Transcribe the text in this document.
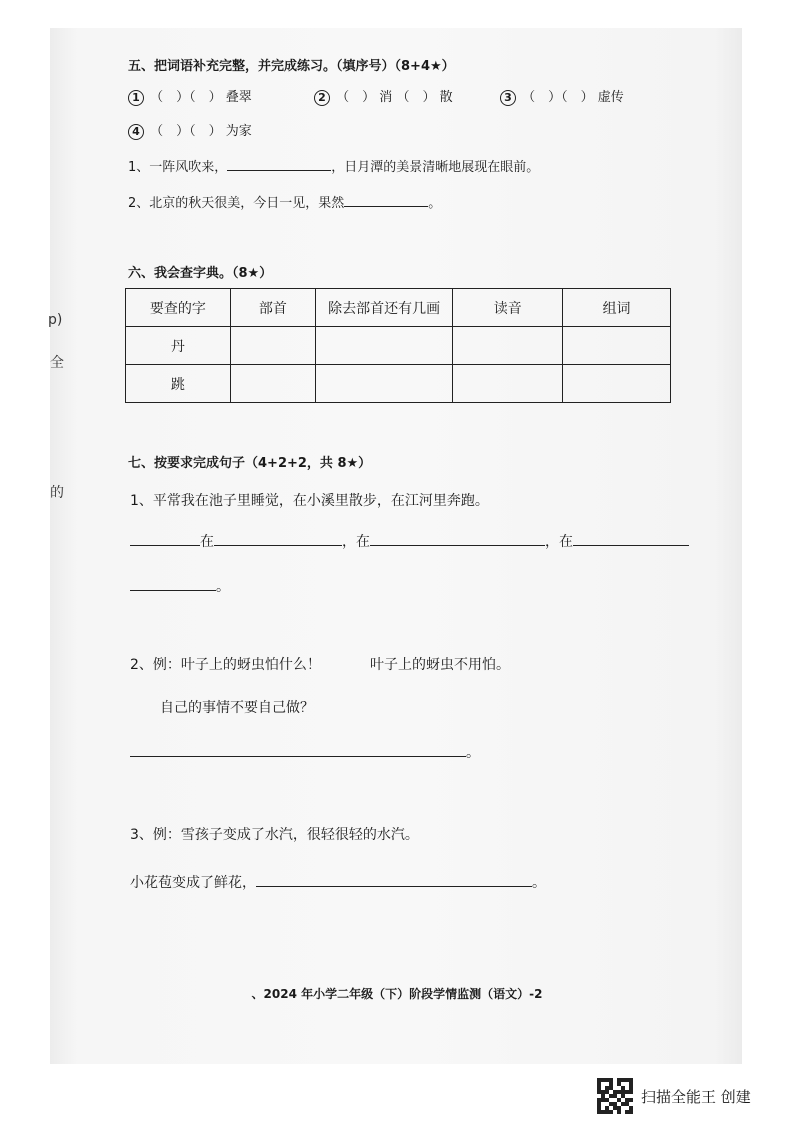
p)
全
的
五、把词语补充完整，并完成练习。（填序号）（8+4★）
1 （　）（　） 叠翠	2 （　） 消 （　） 散	3 （　）（　） 虚传
4 （　）（　） 为家
1、一阵风吹来，	，日月潭的美景清晰地展现在眼前。
2、北京的秋天很美，今日一见，果然	。
六、我会查字典。（8★）
要查的字	部首	除去部首还有几画	读音	组词
丹				
跳				
七、按要求完成句子（4+2+2，共 8★）
1、平常我在池子里睡觉，在小溪里散步，在江河里奔跑。
在	，在	，在
。
2、例：叶子上的蚜虫怕什么！	叶子上的蚜虫不用怕。
自己的事情不要自己做？
。
3、例：雪孩子变成了水汽，很轻很轻的水汽。
小花苞变成了鲜花，	。
、2024 年小学二年级（下）阶段学情监测（语文）-2
扫描全能王 创建
